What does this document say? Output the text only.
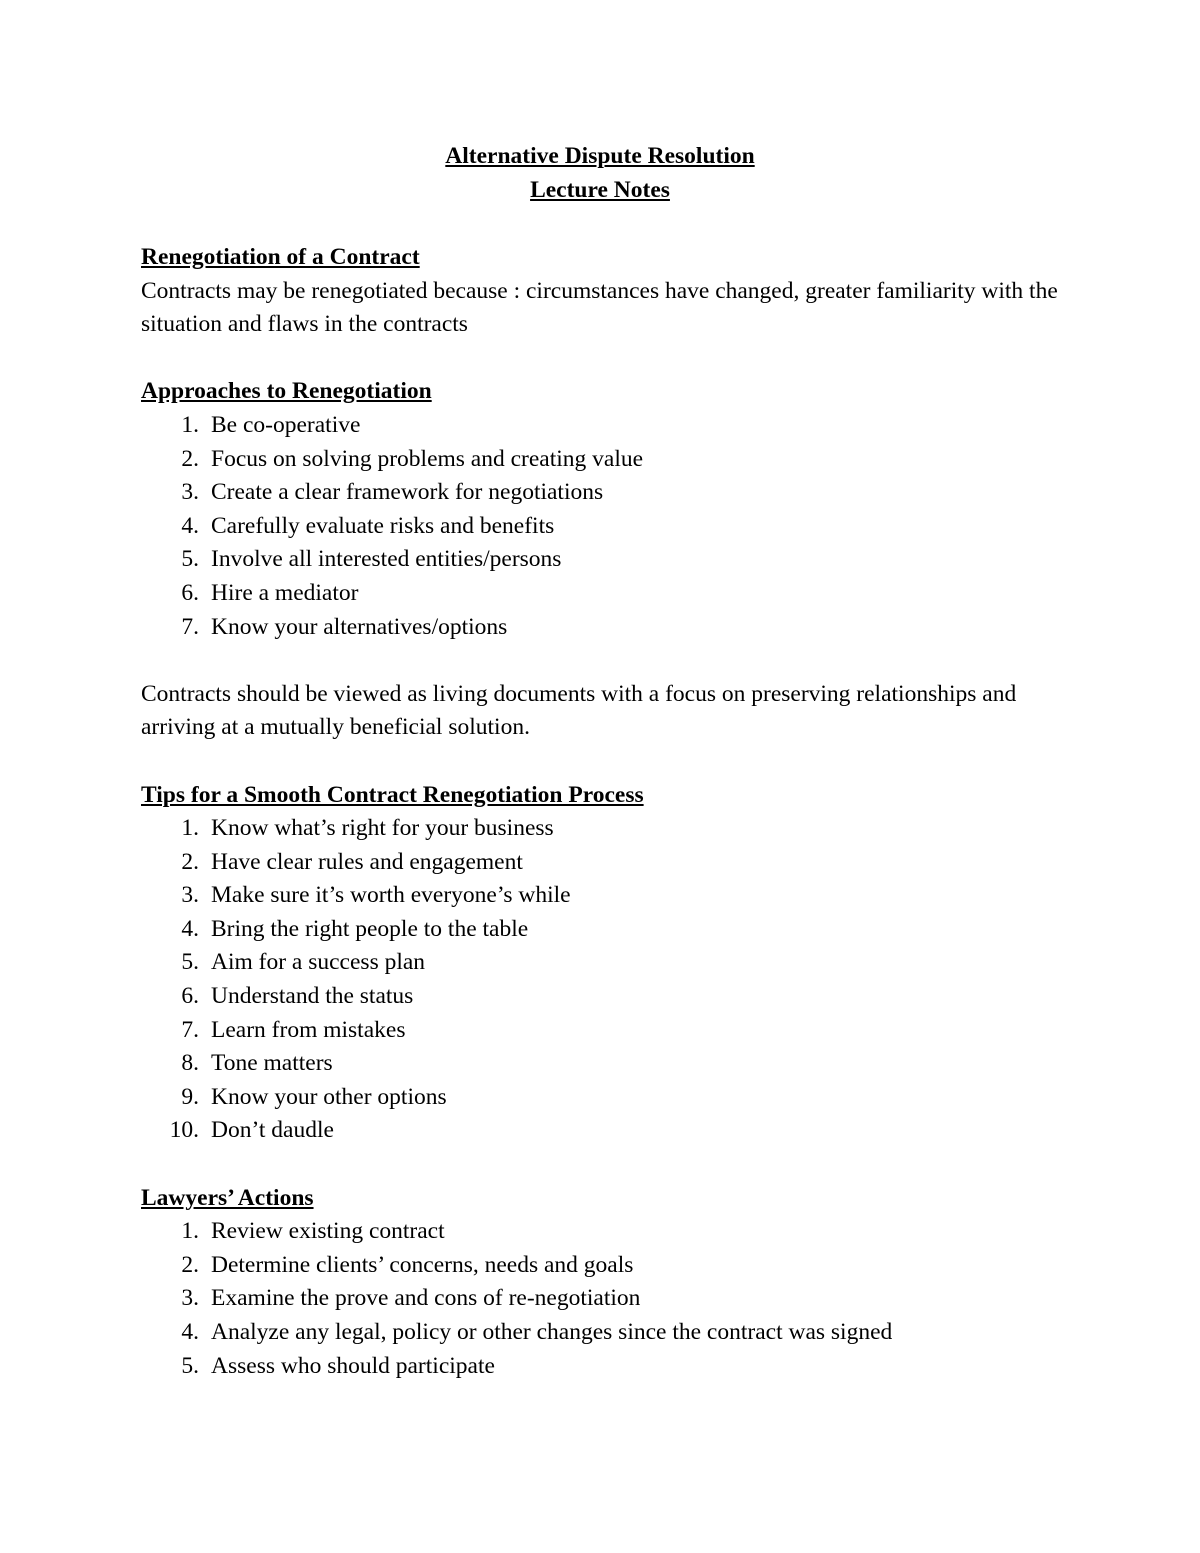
Alternative Dispute Resolution
Lecture Notes
Renegotiation of a Contract
Contracts may be renegotiated because : circumstances have changed, greater familiarity with the situation and flaws in the contracts
Approaches to Renegotiation
1. Be co-operative
2. Focus on solving problems and creating value
3. Create a clear framework for negotiations
4. Carefully evaluate risks and benefits
5. Involve all interested entities/persons
6. Hire a mediator
7. Know your alternatives/options
Contracts should be viewed as living documents with a focus on preserving relationships and arriving at a mutually beneficial solution.
Tips for a Smooth Contract Renegotiation Process
1. Know what’s right for your business
2. Have clear rules and engagement
3. Make sure it’s worth everyone’s while
4. Bring the right people to the table
5. Aim for a success plan
6. Understand the status
7. Learn from mistakes
8. Tone matters
9. Know your other options
10. Don’t daudle
Lawyers’ Actions
1. Review existing contract
2. Determine clients’ concerns, needs and goals
3. Examine the prove and cons of re-negotiation
4. Analyze any legal, policy or other changes since the contract was signed
5. Assess who should participate
